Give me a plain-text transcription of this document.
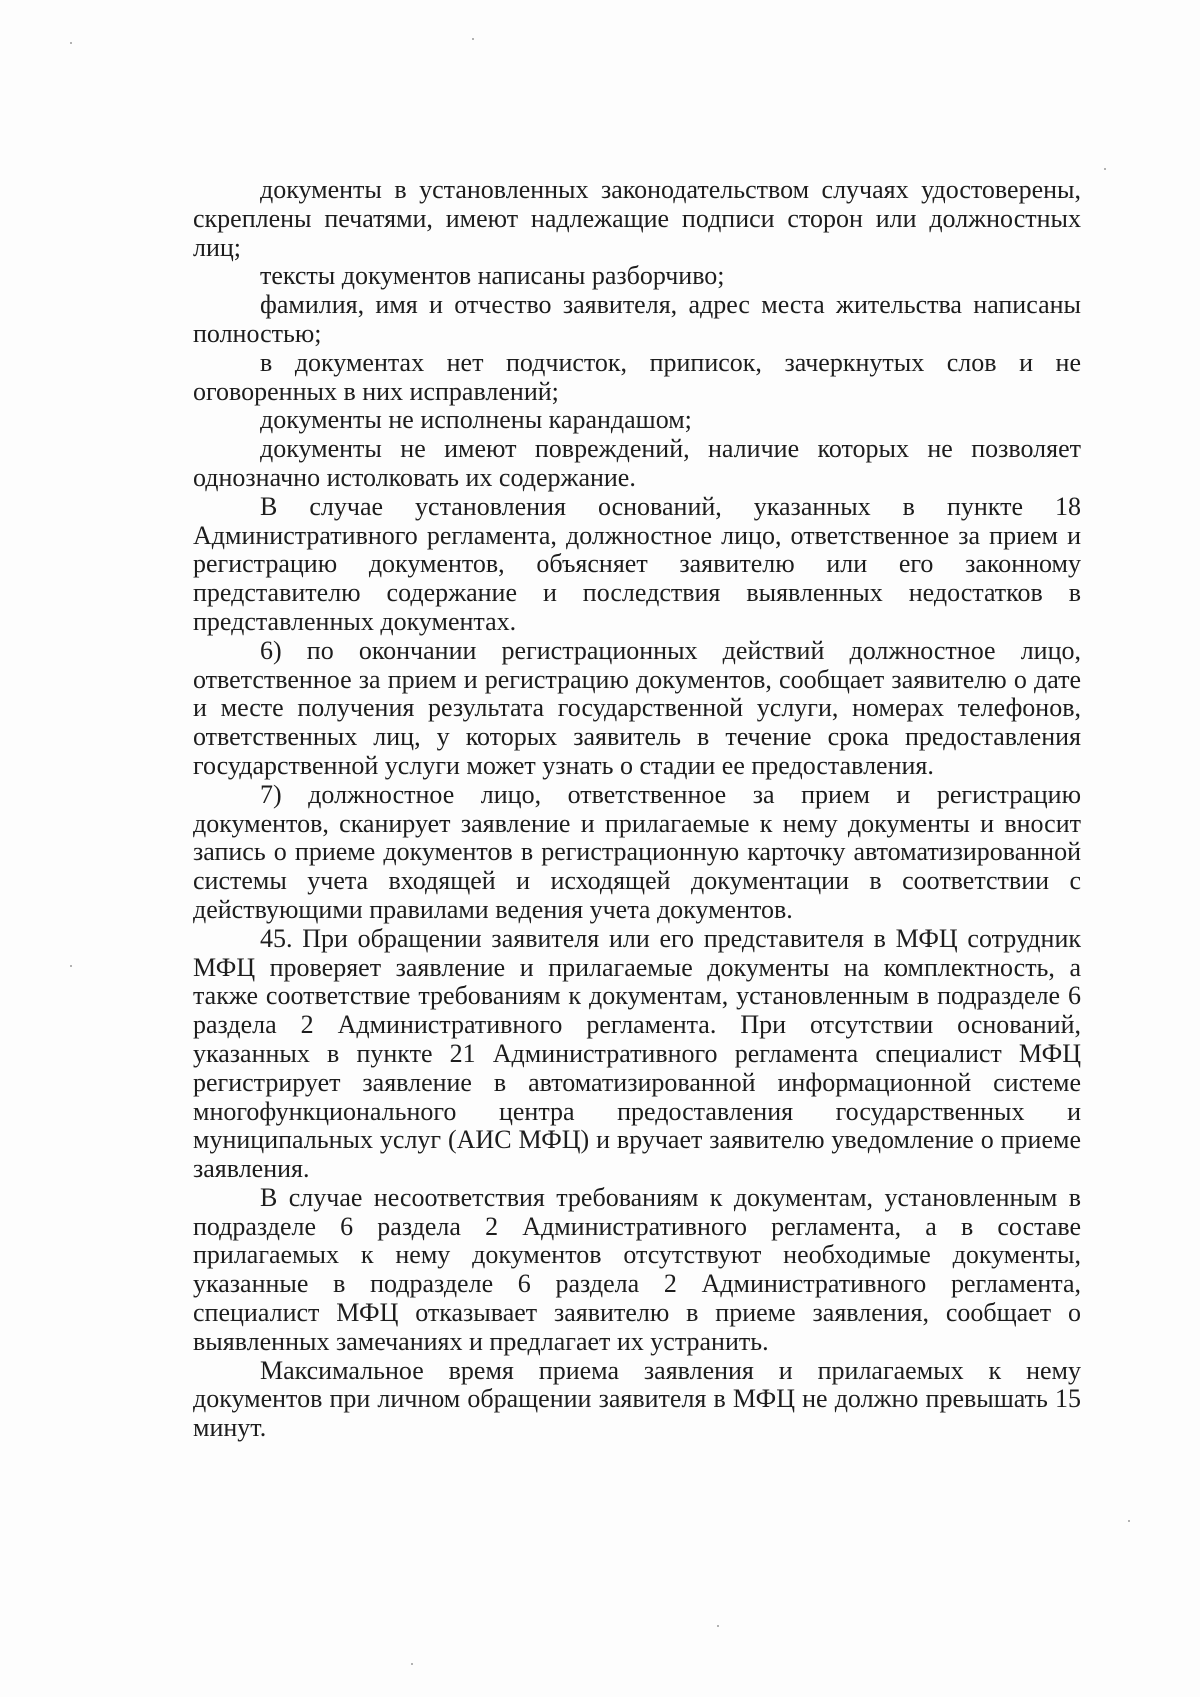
документы в установленных законодательством случаях удостоверены, скреплены печатями, имеют надлежащие подписи сторон или должностных лиц;

тексты документов написаны разборчиво;

фамилия, имя и отчество заявителя, адрес места жительства написаны полностью;

в документах нет подчисток, приписок, зачеркнутых слов и не оговоренных в них исправлений;

документы не исполнены карандашом;

документы не имеют повреждений, наличие которых не позволяет однозначно истолковать их содержание.

В случае установления оснований, указанных в пункте 18 Административного регламента, должностное лицо, ответственное за прием и регистрацию документов, объясняет заявителю или его законному представителю содержание и последствия выявленных недостатков в представленных документах.

6) по окончании регистрационных действий должностное лицо, ответственное за прием и регистрацию документов, сообщает заявителю о дате и месте получения результата государственной услуги, номерах телефонов, ответственных лиц, у которых заявитель в течение срока предоставления государственной услуги может узнать о стадии ее предоставления.

7) должностное лицо, ответственное за прием и регистрацию документов, сканирует заявление и прилагаемые к нему документы и вносит запись о приеме документов в регистрационную карточку автоматизированной системы учета входящей и исходящей документации в соответствии с действующими правилами ведения учета документов.

45. При обращении заявителя или его представителя в МФЦ сотрудник МФЦ проверяет заявление и прилагаемые документы на комплектность, а также соответствие требованиям к документам, установленным в подразделе 6 раздела 2 Административного регламента. При отсутствии оснований, указанных в пункте 21 Административного регламента специалист МФЦ регистрирует заявление в автоматизированной информационной системе многофункционального центра предоставления государственных и муниципальных услуг (АИС МФЦ) и вручает заявителю уведомление о приеме заявления.

В случае несоответствия требованиям к документам, установленным в подразделе 6 раздела 2 Административного регламента, а в составе прилагаемых к нему документов отсутствуют необходимые документы, указанные в подразделе 6 раздела 2 Административного регламента, специалист МФЦ отказывает заявителю в приеме заявления, сообщает о выявленных замечаниях и предлагает их устранить.

Максимальное время приема заявления и прилагаемых к нему документов при личном обращении заявителя в МФЦ не должно превышать 15 минут.
